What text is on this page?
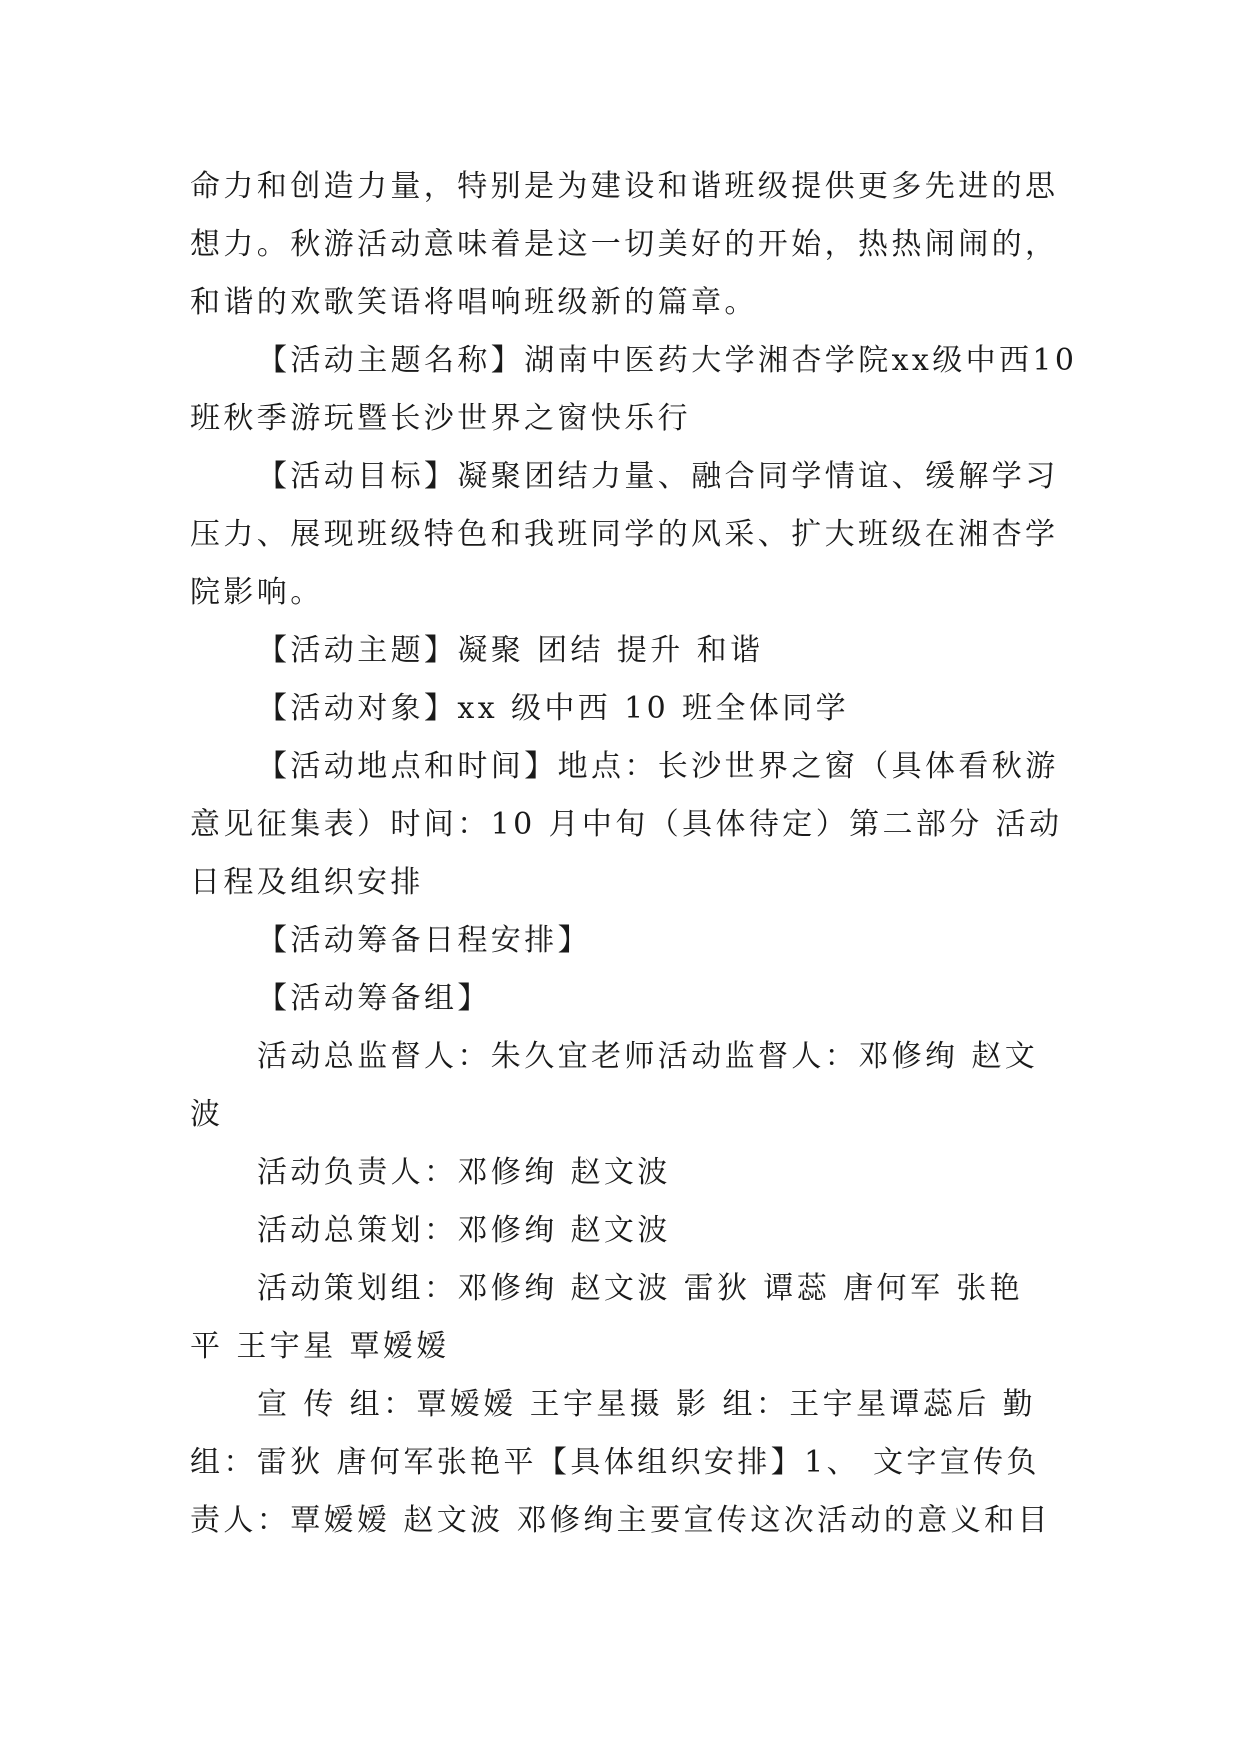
命力和创造力量，特别是为建设和谐班级提供更多先进的思

想力。秋游活动意味着是这一切美好的开始，热热闹闹的，

和谐的欢歌笑语将唱响班级新的篇章。

【活动主题名称】湖南中医药大学湘杏学院xx级中西10

班秋季游玩暨长沙世界之窗快乐行

【活动目标】凝聚团结力量、融合同学情谊、缓解学习

压力、展现班级特色和我班同学的风采、扩大班级在湘杏学

院影响。

【活动主题】凝聚 团结 提升 和谐

【活动对象】xx 级中西 10 班全体同学

【活动地点和时间】地点：长沙世界之窗（具体看秋游

意见征集表）时间：10 月中旬（具体待定）第二部分 活动

日程及组织安排

【活动筹备日程安排】

【活动筹备组】

活动总监督人：朱久宜老师活动监督人：邓修绚 赵文

波

活动负责人：邓修绚 赵文波

活动总策划：邓修绚 赵文波

活动策划组：邓修绚 赵文波 雷狄 谭蕊 唐何军 张艳

平 王宇星 覃嫒嫒

宣 传 组：覃嫒嫒 王宇星摄 影 组：王宇星谭蕊后 勤

组：雷狄 唐何军张艳平【具体组织安排】1、 文字宣传负

责人：覃嫒嫒 赵文波 邓修绚主要宣传这次活动的意义和目
